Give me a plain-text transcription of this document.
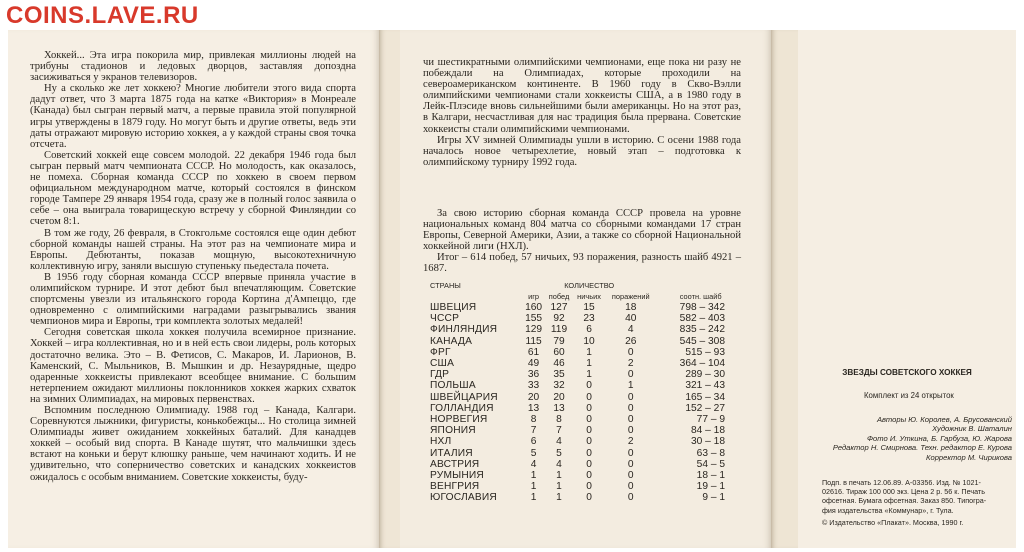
COINS.LAVE.RU

Хоккей... Эта игра покорила мир, привлекая миллионы людей на трибуны стадионов и ледовых дворцов, заставляя допоздна засиживаться у экранов телевизоров.

Ну а сколько же лет хоккею? Многие любители этого вида спорта дадут ответ, что 3 марта 1875 года на катке «Виктория» в Монреале (Канада) был сыгран первый матч, а первые правила этой популярной игры утверждены в 1879 году. Но могут быть и другие ответы, ведь эти даты отражают мировую историю хоккея, а у каждой страны своя точка отсчета.

Советский хоккей еще совсем молодой. 22 декабря 1946 года был сыгран первый матч чемпионата СССР. Но молодость, как оказалось, не помеха. Сборная команда СССР по хоккею в своем первом официальном международном матче, который состоялся в финском городе Тампере 29 января 1954 года, сразу же в полный голос заявила о себе – она выиграла товарищескую встречу у сборной Финляндии со счетом 8:1.

В том же году, 26 февраля, в Стокгольме состоялся еще один дебют сборной команды нашей страны. На этот раз на чемпионате мира и Европы. Дебютанты, показав мощную, высокотехничную коллективную игру, заняли высшую ступеньку пьедестала почета.

В 1956 году сборная команда СССР впервые приняла участие в олимпийском турнире. И этот дебют был впечатляющим. Советские спортсмены увезли из итальянского города Кортина д'Ампеццо, где одновременно с олимпийскими наградами разыгрывались звания чемпионов мира и Европы, три комплекта золотых медалей!

Сегодня советская школа хоккея получила всемирное признание. Хоккей – игра коллективная, но и в ней есть свои лидеры, роль которых достаточно велика. Это – В. Фетисов, С. Макаров, И. Ларионов, В. Каменский, С. Мыльников, В. Мышкин и др. Незаурядные, щедро одаренные хоккеисты привлекают всеобщее внимание. С большим нетерпением ожидают миллионы поклонников хоккея жарких схваток на зимних Олимпиадах, на мировых первенствах.

Вспомним последнюю Олимпиаду. 1988 год – Канада, Калгари. Соревнуются лыжники, фигуристы, конькобежцы... Но столица зимней Олимпиады живет ожиданием хоккейных баталий. Для канадцев хоккей – особый вид спорта. В Канаде шутят, что мальчишки здесь встают на коньки и берут клюшку раньше, чем начинают ходить. И не удивительно, что соперничество советских и канадских хоккеистов ожидалось с особым вниманием. Советские хоккеисты, буду-

чи шестикратными олимпийскими чемпионами, еще пока ни разу не побеждали на Олимпиадах, которые проходили на североамериканском континенте. В 1960 году в Скво-Вэлли олимпийскими чемпионами стали хоккеисты США, а в 1980 году в Лейк-Плэсиде вновь сильнейшими были американцы. Но на этот раз, в Калгари, несчастливая для нас традиция была прервана. Советские хоккеисты стали олимпийскими чемпионами.

Игры XV зимней Олимпиады ушли в историю. С осени 1988 года началось новое четырехлетие, новый этап – подготовка к олимпийскому турниру 1992 года.

За свою историю сборная команда СССР провела на уровне национальных команд 804 матча со сборными командами 17 стран Европы, Северной Америки, Азии, а также со сборной Национальной хоккейной лиги (НХЛ).

Итог – 614 побед, 57 ничьих, 93 поражения, разность шайб 4921 – 1687.

СТРАНЫ	КОЛИЧЕСТВО				
	игр	побед	ничьих	поражений	соотн. шайб
ШВЕЦИЯ	160	127	15	18	798 – 342
ЧССР	155	92	23	40	582 – 403
ФИНЛЯНДИЯ	129	119	6	4	835 – 242
КАНАДА	115	79	10	26	545 – 308
ФРГ	61	60	1	0	515 – 93
США	49	46	1	2	364 – 104
ГДР	36	35	1	0	289 – 30
ПОЛЬША	33	32	0	1	321 – 43
ШВЕЙЦАРИЯ	20	20	0	0	165 – 34
ГОЛЛАНДИЯ	13	13	0	0	152 – 27
НОРВЕГИЯ	8	8	0	0	77 – 9
ЯПОНИЯ	7	7	0	0	84 – 18
НХЛ	6	4	0	2	30 – 18
ИТАЛИЯ	5	5	0	0	63 – 8
АВСТРИЯ	4	4	0	0	54 – 5
РУМЫНИЯ	1	1	0	0	18 – 1
ВЕНГРИЯ	1	1	0	0	19 – 1
ЮГОСЛАВИЯ	1	1	0	0	9 – 1
ЗВЕЗДЫ СОВЕТСКОГО ХОККЕЯ
Комплект из 24 открыток
Авторы Ю. Королев, А. Брусованский
Художник В. Шаталин
Фото И. Уткина, Б. Гарбуза, Ю. Жарова
Редактор Н. Смирнова. Техн. редактор Е. Курова
Корректор М. Чирикова
Подп. в печать 12.06.89. А-03356. Изд. № 1021-
02616. Тираж 100 000 экз. Цена 2 р. 56 к. Печать
офсетная. Бумага офсетная. Заказ 850. Типогра-
фия издательства «Коммунар», г. Тула.
© Издательство «Плакат». Москва, 1990 г.
